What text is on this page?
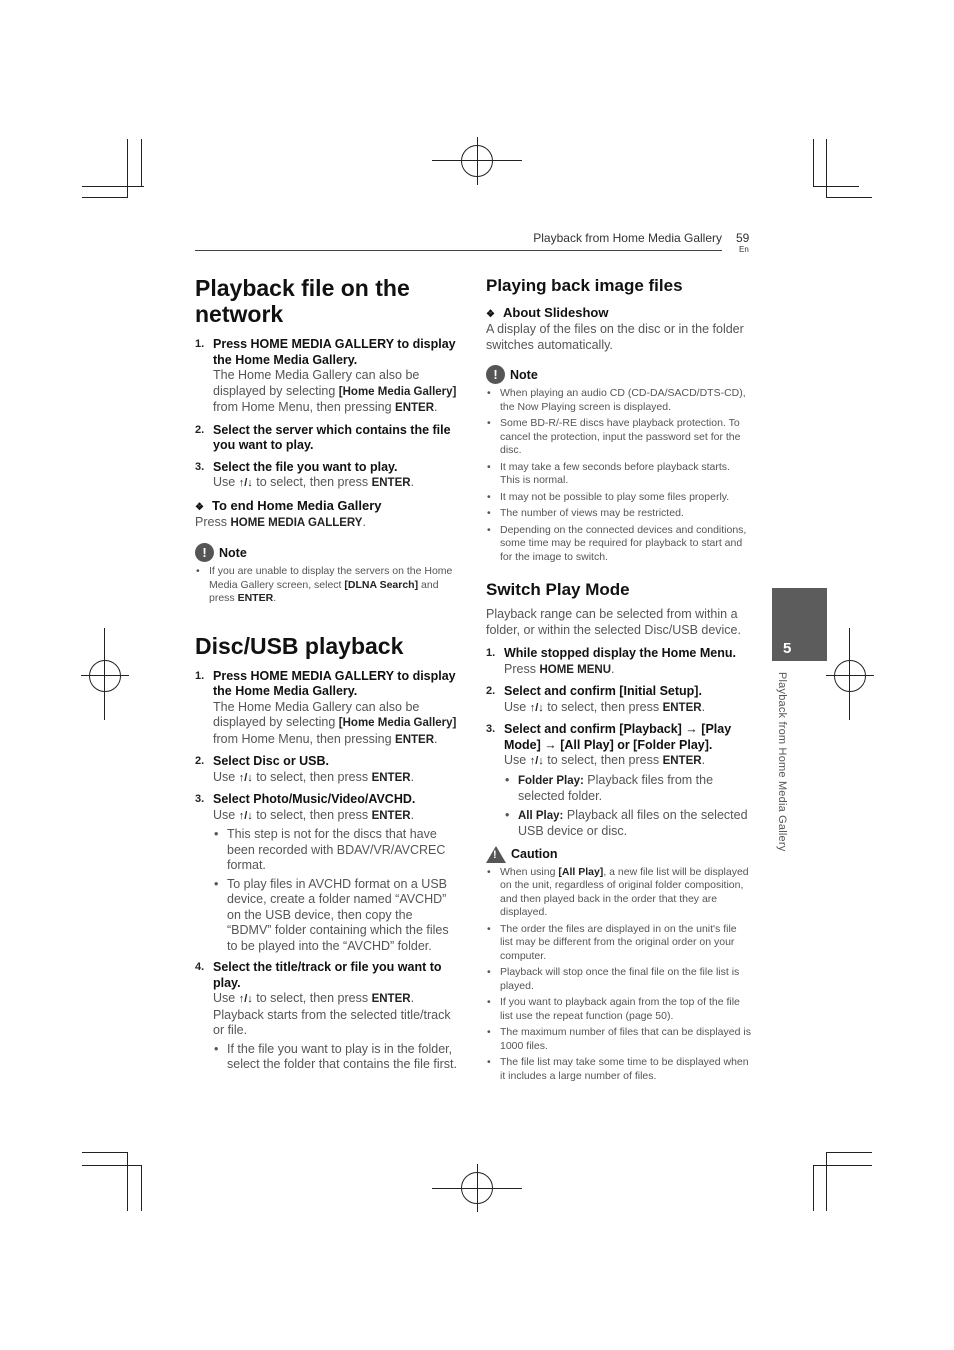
Playback from Home Media Gallery 59
En
5
Playback from Home Media Gallery
Playback file on the network
1. Press HOME MEDIA GALLERY to display the Home Media Gallery.
The Home Media Gallery can also be displayed by selecting [Home Media Gallery] from Home Menu, then pressing ENTER.
2. Select the server which contains the file you want to play.
3. Select the file you want to play.
Use ↑/↓ to select, then press ENTER.
❖ To end Home Media Gallery
Press HOME MEDIA GALLERY.
! Note
• If you are unable to display the servers on the Home Media Gallery screen, select [DLNA Search] and press ENTER.
Disc/USB playback
1. Press HOME MEDIA GALLERY to display the Home Media Gallery.
The Home Media Gallery can also be displayed by selecting [Home Media Gallery] from Home Menu, then pressing ENTER.
2. Select Disc or USB.
Use ↑/↓ to select, then press ENTER.
3. Select Photo/Music/Video/AVCHD.
Use ↑/↓ to select, then press ENTER.
• This step is not for the discs that have been recorded with BDAV/VR/AVCREC format.
• To play files in AVCHD format on a USB device, create a folder named “AVCHD” on the USB device, then copy the “BDMV” folder containing which the files to be played into the “AVCHD” folder.
4. Select the title/track or file you want to play.
Use ↑/↓ to select, then press ENTER.
Playback starts from the selected title/track or file.
• If the file you want to play is in the folder, select the folder that contains the file first.
Playing back image files
❖ About Slideshow
A display of the files on the disc or in the folder switches automatically.
! Note
• When playing an audio CD (CD-DA/SACD/DTS-CD), the Now Playing screen is displayed.
• Some BD-R/-RE discs have playback protection. To cancel the protection, input the password set for the disc.
• It may take a few seconds before playback starts. This is normal.
• It may not be possible to play some files properly.
• The number of views may be restricted.
• Depending on the connected devices and conditions, some time may be required for playback to start and for the image to switch.
Switch Play Mode
Playback range can be selected from within a folder, or within the selected Disc/USB device.
1. While stopped display the Home Menu.
Press HOME MENU.
2. Select and confirm [Initial Setup].
Use ↑/↓ to select, then press ENTER.
3. Select and confirm [Playback] → [Play Mode] → [All Play] or [Folder Play].
Use ↑/↓ to select, then press ENTER.
• Folder Play: Playback files from the selected folder.
• All Play: Playback all files on the selected USB device or disc.
! Caution
• When using [All Play], a new file list will be displayed on the unit, regardless of original folder composition, and then played back in the order that they are displayed.
• The order the files are displayed in on the unit's file list may be different from the original order on your computer.
• Playback will stop once the final file on the file list is played.
• If you want to playback again from the top of the file list use the repeat function (page 50).
• The maximum number of files that can be displayed is 1000 files.
• The file list may take some time to be displayed when it includes a large number of files.
